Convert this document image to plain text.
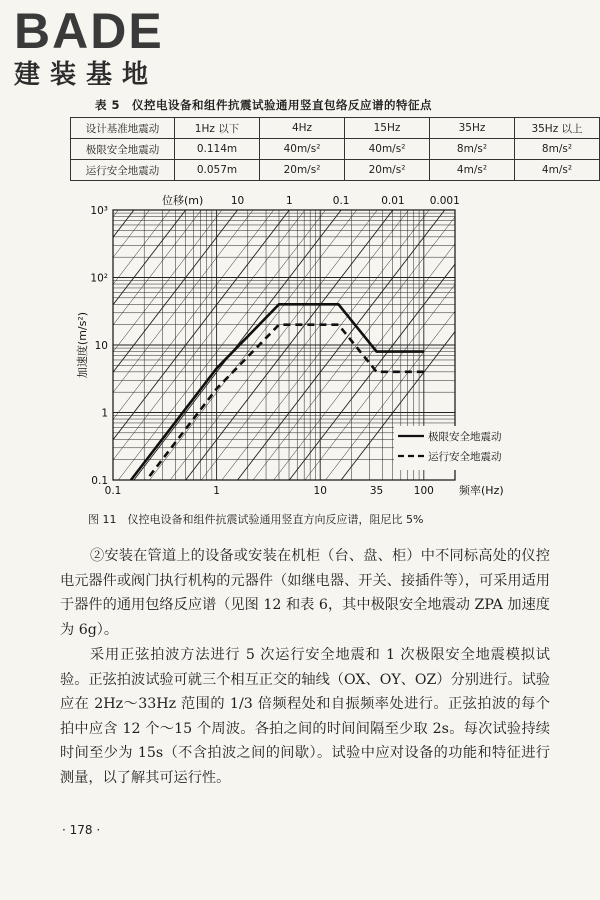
BADE
建装基地
表 5　仪控电设备和组件抗震试验通用竖直包络反应谱的特征点
设计基准地震动	1Hz 以下	4Hz	15Hz	35Hz	35Hz 以上
极限安全地震动	0.114m	40m/s²	40m/s²	8m/s²	8m/s²
运行安全地震动	0.057m	20m/s²	20m/s²	4m/s²	4m/s²
极限安全地震动
运行安全地震动
0.1	1	10	35	100
0.1
1
10
10²
10³
10	1	0.1	0.01 0.001
位移(m)
频率(Hz)
加速度(m/s²)
图 11　仪控电设备和组件抗震试验通用竖直方向反应谱，阻尼比 5%
②安装在管道上的设备或安装在机柜（台、盘、柜）中不同标高处的仪控电元器件或阀门执行机构的元器件（如继电器、开关、接插件等），可采用适用于器件的通用包络反应谱（见图 12 和表 6，其中极限安全地震动 ZPA 加速度为 6g）。
采用正弦拍波方法进行 5 次运行安全地震和 1 次极限安全地震模拟试验。正弦拍波试验可就三个相互正交的轴线（OX、OY、OZ）分别进行。试验应在 2Hz～33Hz 范围的 1/3 倍频程处和自振频率处进行。正弦拍波的每个拍中应含 12 个～15 个周波。各拍之间的时间间隔至少取 2s。每次试验持续时间至少为 15s（不含拍波之间的间歇）。试验中应对设备的功能和特征进行测量，以了解其可运行性。
· 178 ·
